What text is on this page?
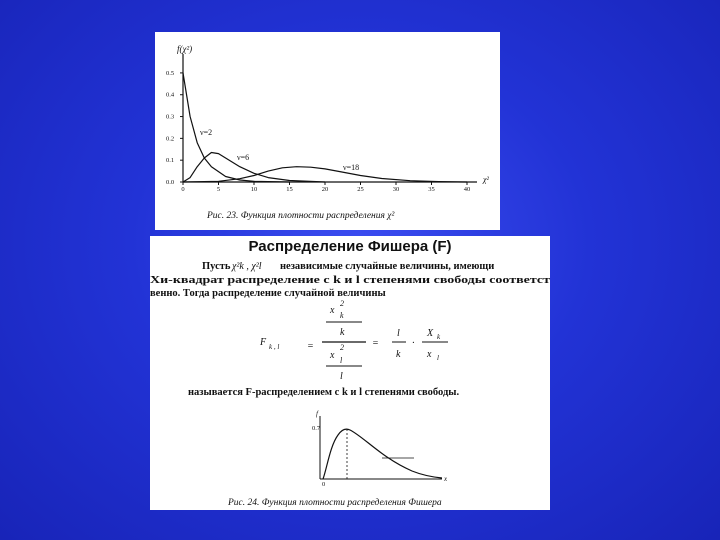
f(χ²)
χ²
0.5
0.4
0.3
0.2
0.1
0.0
0	5	10	15	20	25	30	35	40
ν=2
ν=6
ν=18
Рис. 23. Функция плотности распределения χ²
Распределение Фишера (F)
Пусть χ²k , χ²l независимые случайные величины, имеющи
Хи-квадрат распределение с k и l степенями свободы соответст
венно. Тогда распределение случайной величины
F k , l	=
2
x k
k
2
x l
l
=
l
k
·
X k
x l
называется F-распределением с k и l степенями свободы.
f
0.7
x
0
Рис. 24. Функция плотности распределения Фишера
